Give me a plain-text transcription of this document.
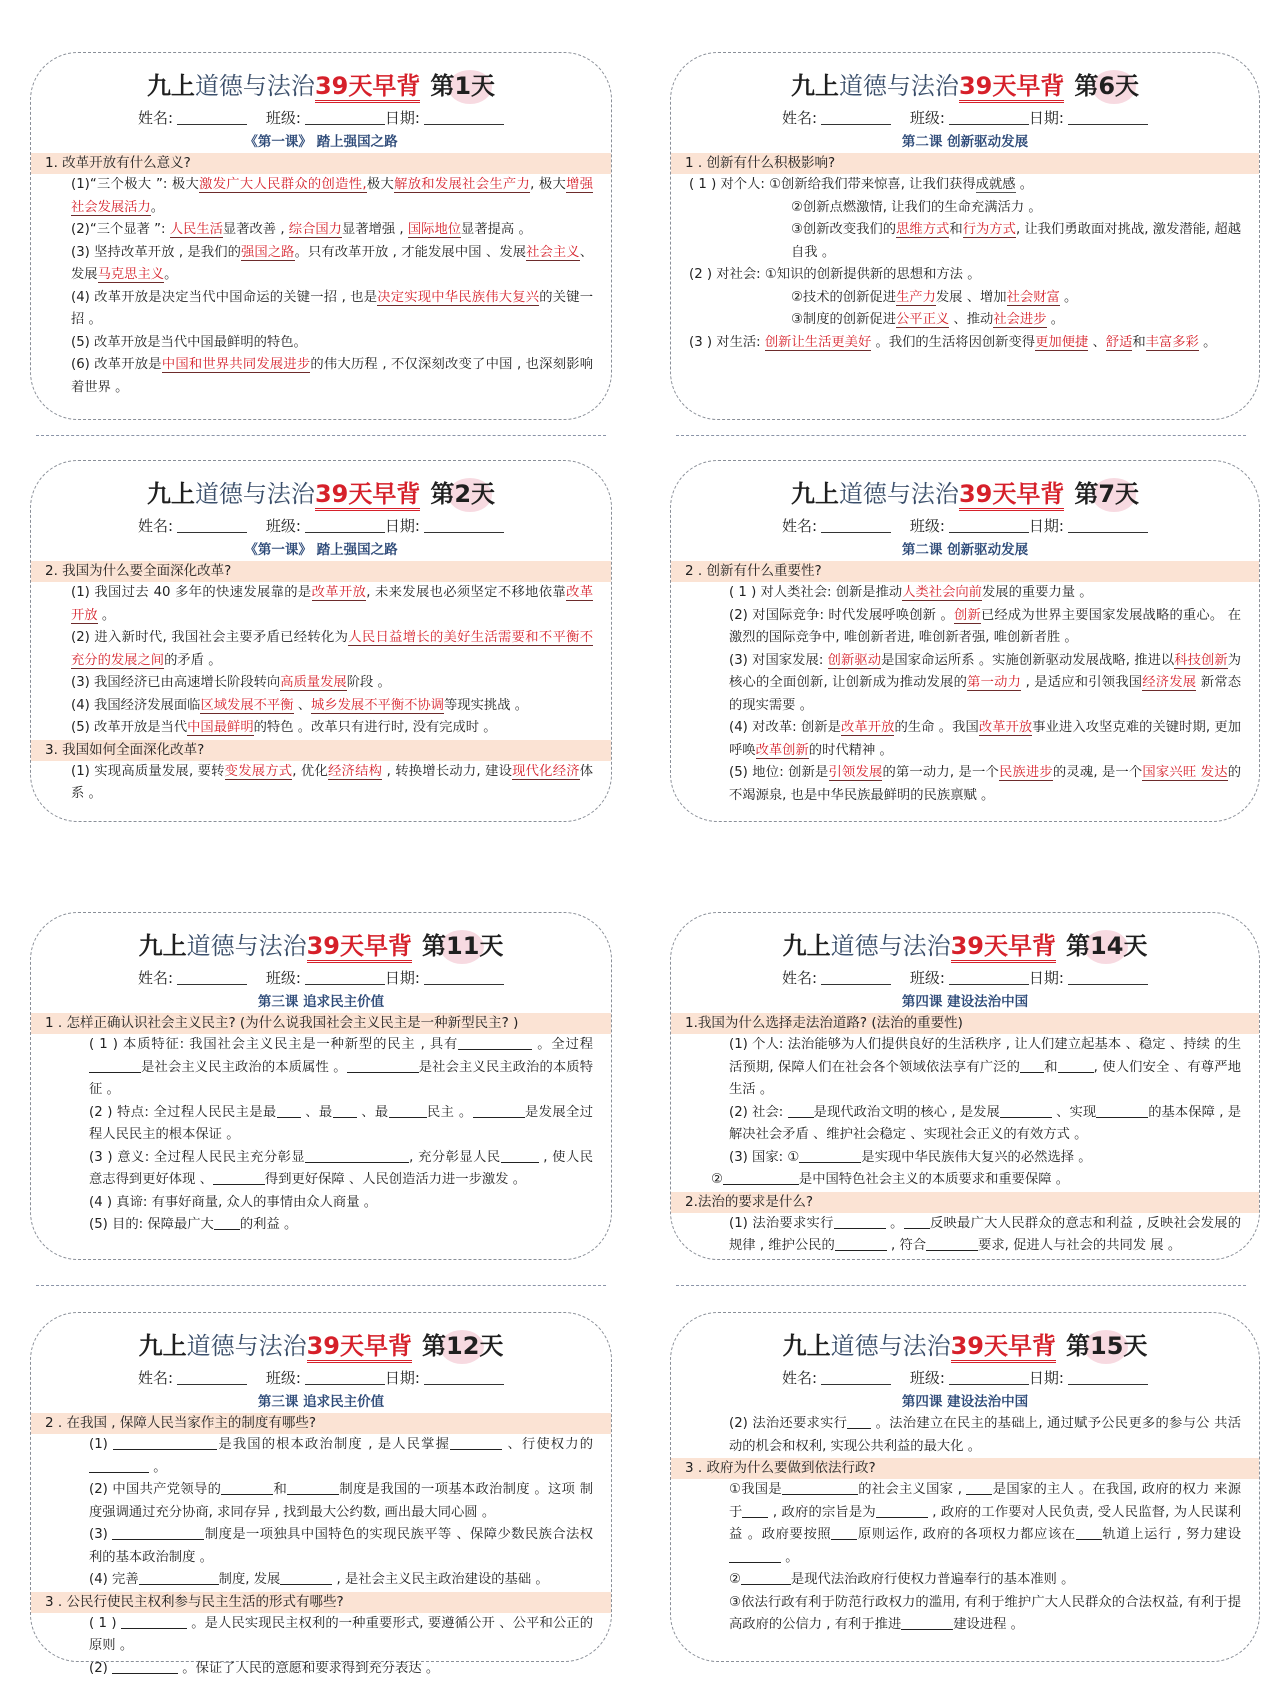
九上道德与法治39天早背 第1天
姓名:	班级:	日期:
《第一课》 踏上强国之路
1. 改革开放有什么意义?
(1)“三个极大 ”: 极大激发广大人民群众的创造性,极大解放和发展社会生产力, 极大增强社会发展活力。
(2)“三个显著 ”: 人民生活显著改善 , 综合国力显著增强 , 国际地位显著提高 。
(3) 坚持改革开放 , 是我们的强国之路。只有改革开放 , 才能发展中国 、发展社会主义、发展马克思主义。
(4) 改革开放是决定当代中国命运的关键一招 , 也是决定实现中华民族伟大复兴的关键一招 。
(5) 改革开放是当代中国最鲜明的特色。
(6) 改革开放是中国和世界共同发展进步的伟大历程 , 不仅深刻改变了中国 , 也深刻影响着世界 。
九上道德与法治39天早背 第6天
姓名:	班级:	日期:
第二课 创新驱动发展
1 . 创新有什么积极影响?
( 1 ) 对个人: ①创新给我们带来惊喜, 让我们获得成就感 。
②创新点燃激情, 让我们的生命充满活力 。
③创新改变我们的思维方式和行为方式, 让我们勇敢面对挑战, 激发潜能, 超越自我 。
(2 ) 对社会: ①知识的创新提供新的思想和方法 。
②技术的创新促进生产力发展 、增加社会财富 。
③制度的创新促进公平正义 、推动社会进步 。
(3 ) 对生活: 创新让生活更美好 。我们的生活将因创新变得更加便捷 、舒适和丰富多彩 。
九上道德与法治39天早背 第2天
姓名:	班级:	日期:
《第一课》 踏上强国之路
2. 我国为什么要全面深化改革?
(1) 我国过去 40 多年的快速发展靠的是改革开放, 未来发展也必须坚定不移地依靠改革开放 。
(2) 进入新时代, 我国社会主要矛盾已经转化为人民日益增长的美好生活需要和不平衡不充分的发展之间的矛盾 。
(3) 我国经济已由高速增长阶段转向高质量发展阶段 。
(4) 我国经济发展面临区域发展不平衡 、城乡发展不平衡不协调等现实挑战 。
(5) 改革开放是当代中国最鲜明的特色 。改革只有进行时, 没有完成时 。
3. 我国如何全面深化改革?
(1) 实现高质量发展, 要转变发展方式, 优化经济结构 , 转换增长动力, 建设现代化经济体系 。
九上道德与法治39天早背 第7天
姓名:	班级:	日期:
第二课 创新驱动发展
2 . 创新有什么重要性?
( 1 ) 对人类社会: 创新是推动人类社会向前发展的重要力量 。
(2) 对国际竞争: 时代发展呼唤创新 。创新已经成为世界主要国家发展战略的重心。 在激烈的国际竞争中, 唯创新者进, 唯创新者强, 唯创新者胜 。
(3) 对国家发展: 创新驱动是国家命运所系 。实施创新驱动发展战略, 推进以科技创新为核心的全面创新, 让创新成为推动发展的第一动力 , 是适应和引领我国经济发展 新常态的现实需要 。
(4) 对改革: 创新是改革开放的生命 。我国改革开放事业进入攻坚克难的关键时期, 更加呼唤改革创新的时代精神 。
(5) 地位: 创新是引领发展的第一动力, 是一个民族进步的灵魂, 是一个国家兴旺 发达的不竭源泉, 也是中华民族最鲜明的民族禀赋 。
九上道德与法治39天早背 第11天
姓名:	班级:	日期:
第三课 追求民主价值
1 . 怎样正确认识社会主义民主? (为什么说我国社会主义民主是一种新型民主? )
( 1 ) 本质特征: 我国社会主义民主是一种新型的民主 , 具有	。全过程是社会主义民主政治的本质属性 。	是社会主义民主政治的本质特征 。
(2 ) 特点: 全过程人民民主是最 、最 、最	民主 。	是发展全过程人民民主的根本保证 。
(3 ) 意义: 全过程人民民主充分彰显	, 充分彰显人民	, 使人民意志得到更好体现 、	得到更好保障 、人民创造活力进一步激发 。
(4 ) 真谛: 有事好商量, 众人的事情由众人商量 。
(5) 目的: 保障最广大 的利益 。
九上道德与法治39天早背 第14天
姓名:	班级:	日期:
第四课 建设法治中国
1.我国为什么选择走法治道路? (法治的重要性)
(1) 个人: 法治能够为人们提供良好的生活秩序 , 让人们建立起基本 、稳定 、持续 的生活预期, 保障人们在社会各个领域依法享有广泛的 和	, 使人们安全 、有尊严地生活 。
(2) 社会: 是现代政治文明的核心 , 是发展	、实现	的基本保障 , 是解决社会矛盾 、维护社会稳定 、实现社会正义的有效方式 。
(3) 国家: ①	是实现中华民族伟大复兴的必然选择 。
②	是中国特色社会主义的本质要求和重要保障 。
2.法治的要求是什么?
(1) 法治要求实行	。 反映最广大人民群众的意志和利益 , 反映社会发展的规律 , 维护公民的	, 符合	要求, 促进人与社会的共同发 展 。
九上道德与法治39天早背 第12天
姓名:	班级:	日期:
第三课 追求民主价值
2 . 在我国 , 保障人民当家作主的制度有哪些?
(1)	是我国的根本政治制度 , 是人民掌握	、行使权力的  。
(2) 中国共产党领导的	和	制度是我国的一项基本政治制度 。这项 制度强调通过充分协商, 求同存异 , 找到最大公约数, 画出最大同心圆 。
(3)	制度是一项独具中国特色的实现民族平等 、保障少数民族合法权 利的基本政治制度 。
(4) 完善	制度, 发展	, 是社会主义民主政治建设的基础 。
3 . 公民行使民主权利参与民主生活的形式有哪些?
( 1 )	。是人民实现民主权利的一种重要形式, 要遵循公开 、公平和公正的 原则 。
(2)	。保证了人民的意愿和要求得到充分表达 。
九上道德与法治39天早背 第15天
姓名:	班级:	日期:
第四课 建设法治中国
(2) 法治还要求实行 。法治建立在民主的基础上, 通过赋予公民更多的参与公 共活动的机会和权利, 实现公共利益的最大化 。
3 . 政府为什么要做到依法行政?
①我国是	的社会主义国家 , 是国家的主人 。在我国, 政府的权力 来源于 , 政府的宗旨是为	, 政府的工作要对人民负责, 受人民监督, 为人民谋利益 。政府要按照 原则运作, 政府的各项权力都应该在 轨道上运行 , 努力建设 。
②	是现代法治政府行使权力普遍奉行的基本准则 。
③依法行政有利于防范行政权力的滥用, 有利于维护广大人民群众的合法权益, 有利于提高政府的公信力 , 有利于推进	建设进程 。
